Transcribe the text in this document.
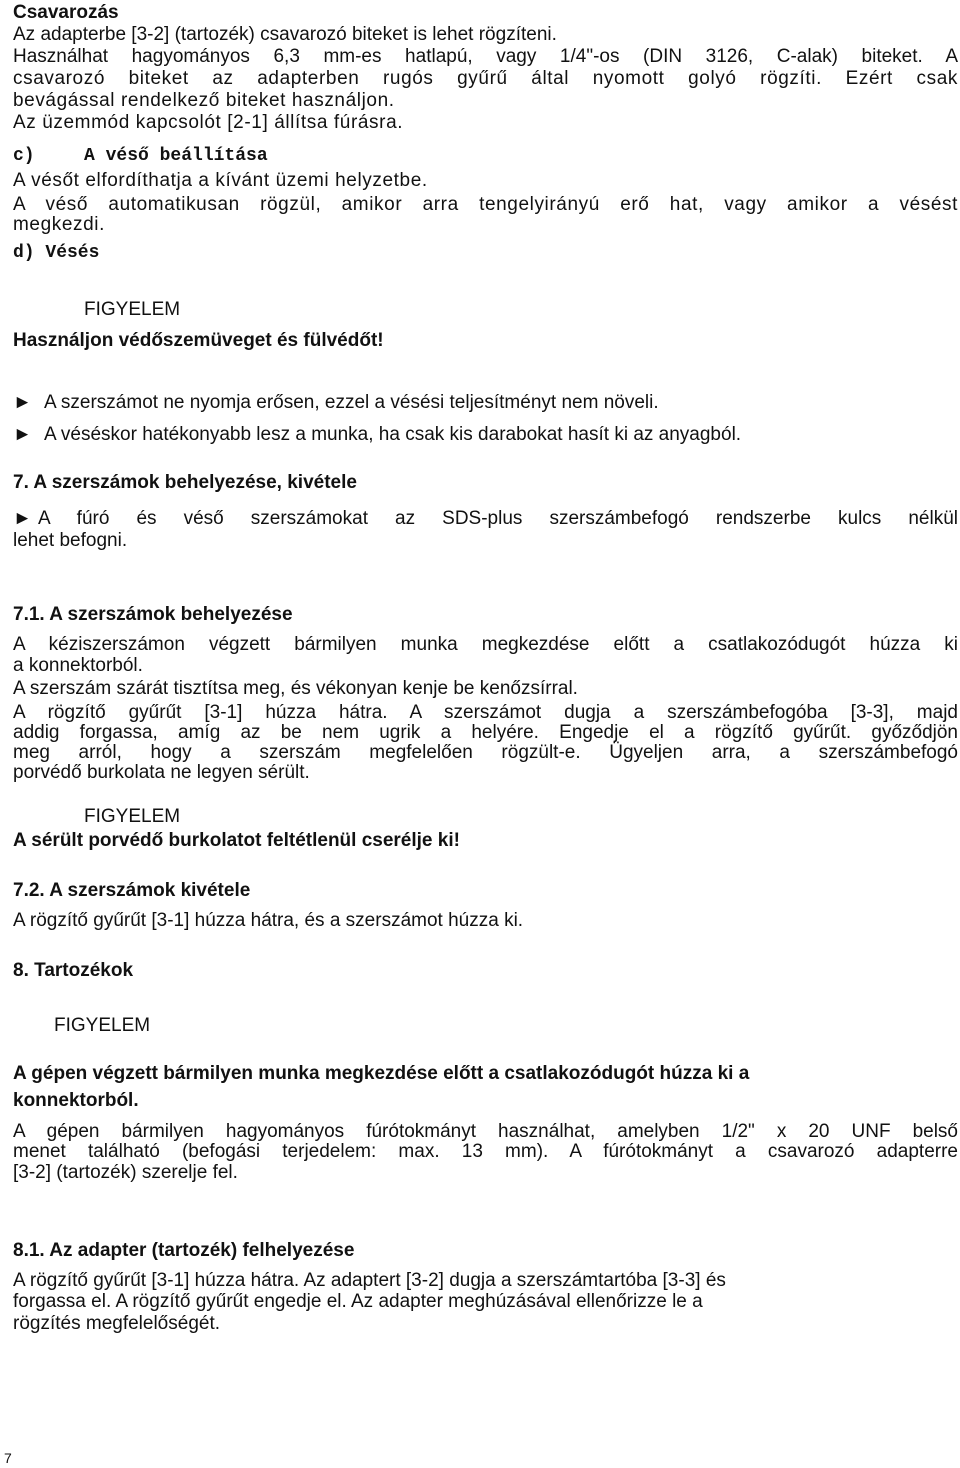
Csavarozás
Az adapterbe [3-2] (tartozék) csavarozó biteket is lehet rögzíteni.
Használhat hagyományos 6,3 mm-es hatlapú, vagy 1/4"-os (DIN 3126, C-alak) biteket. A
csavarozó biteket az adapterben rugós gyűrű által nyomott golyó rögzíti. Ezért csak
bevágással rendelkező biteket használjon.
Az üzemmód kapcsolót [2-1] állítsa fúrásra.
c)	A véső beállítása
A vésőt elfordíthatja a kívánt üzemi helyzetbe.
A véső automatikusan rögzül, amikor arra tengelyirányú erő hat, vagy amikor a vésést
megkezdi.
d) Vésés
FIGYELEM
Használjon védőszemüveget és fülvédőt!
► A szerszámot ne nyomja erősen, ezzel a vésési teljesítményt nem növeli.
► A véséskor hatékonyabb lesz a munka, ha csak kis darabokat hasít ki az anyagból.
7. A szerszámok behelyezése, kivétele
► A fúró és véső szerszámokat az SDS-plus szerszámbefogó rendszerbe kulcs nélkül
lehet befogni.
7.1. A szerszámok behelyezése
A kéziszerszámon végzett bármilyen munka megkezdése előtt a csatlakozódugót húzza ki
a konnektorból.
A szerszám szárát tisztítsa meg, és vékonyan kenje be kenőzsírral.
A rögzítő gyűrűt [3-1] húzza hátra. A szerszámot dugja a szerszámbefogóba [3-3], majd
addig forgassa, amíg az be nem ugrik a helyére. Engedje el a rögzítő gyűrűt. győződjön
meg arról, hogy a szerszám megfelelően rögzült-e. Ügyeljen arra, a szerszámbefogó
porvédő burkolata ne legyen sérült.
FIGYELEM
A sérült porvédő burkolatot feltétlenül cserélje ki!
7.2. A szerszámok kivétele
A rögzítő gyűrűt [3-1] húzza hátra, és a szerszámot húzza ki.
8. Tartozékok
FIGYELEM
A gépen végzett bármilyen munka megkezdése előtt a csatlakozódugót húzza ki a
konnektorból.
A gépen bármilyen hagyományos fúrótokmányt használhat, amelyben 1/2" x 20 UNF belső
menet található (befogási terjedelem: max. 13 mm). A fúrótokmányt a csavarozó adapterre
[3-2] (tartozék) szerelje fel.
8.1. Az adapter (tartozék) felhelyezése
A rögzítő gyűrűt [3-1] húzza hátra. Az adaptert [3-2] dugja a szerszámtartóba [3-3] és
forgassa el. A rögzítő gyűrűt engedje el. Az adapter meghúzásával ellenőrizze le a
rögzítés megfelelőségét.
7
